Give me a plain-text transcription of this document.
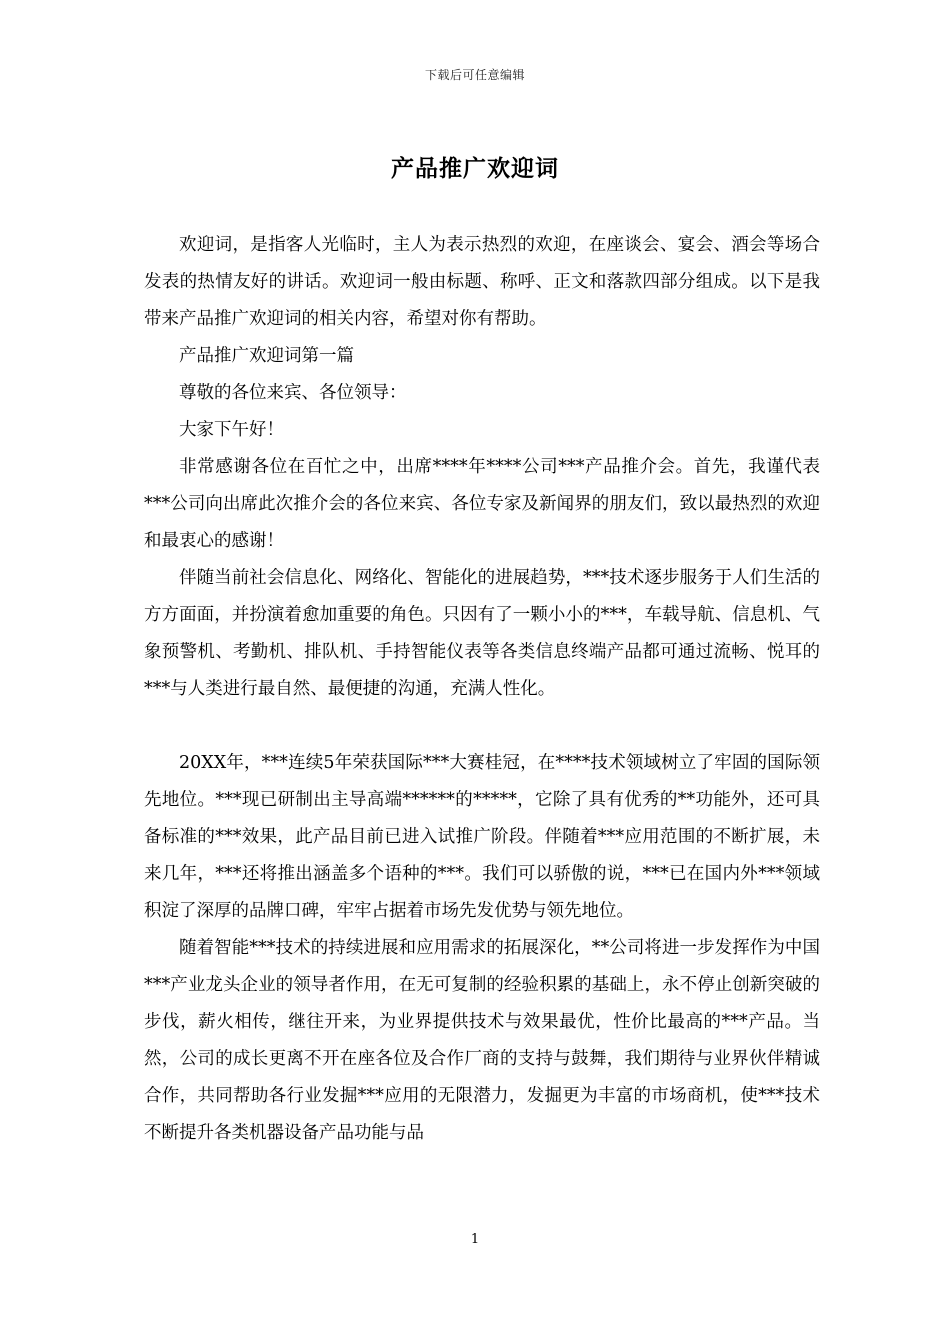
下载后可任意编辑
产品推广欢迎词

欢迎词，是指客人光临时，主人为表示热烈的欢迎，在座谈会、宴会、酒会等场合发表的热情友好的讲话。欢迎词一般由标题、称呼、正文和落款四部分组成。以下是我带来产品推广欢迎词的相关内容，希望对你有帮助。

产品推广欢迎词第一篇

尊敬的各位来宾、各位领导：

大家下午好！

非常感谢各位在百忙之中，出席****年****公司***产品推介会。首先，我谨代表***公司向出席此次推介会的各位来宾、各位专家及新闻界的朋友们，致以最热烈的欢迎和最衷心的感谢！

伴随当前社会信息化、网络化、智能化的进展趋势，***技术逐步服务于人们生活的方方面面，并扮演着愈加重要的角色。只因有了一颗小小的***，车载导航、信息机、气象预警机、考勤机、排队机、手持智能仪表等各类信息终端产品都可通过流畅、悦耳的***与人类进行最自然、最便捷的沟通，充满人性化。

20XX年，***连续5年荣获国际***大赛桂冠，在****技术领域树立了牢固的国际领先地位。***现已研制出主导高端******的*****，它除了具有优秀的**功能外，还可具备标准的***效果，此产品目前已进入试推广阶段。伴随着***应用范围的不断扩展，未来几年，***还将推出涵盖多个语种的***。我们可以骄傲的说，***已在国内外***领域积淀了深厚的品牌口碑，牢牢占据着市场先发优势与领先地位。

随着智能***技术的持续进展和应用需求的拓展深化，**公司将进一步发挥作为中国***产业龙头企业的领导者作用，在无可复制的经验积累的基础上，永不停止创新突破的步伐，薪火相传，继往开来，为业界提供技术与效果最优，性价比最高的***产品。当然，公司的成长更离不开在座各位及合作厂商的支持与鼓舞，我们期待与业界伙伴精诚合作，共同帮助各行业发掘***应用的无限潜力，发掘更为丰富的市场商机，使***技术不断提升各类机器设备产品功能与品

1
